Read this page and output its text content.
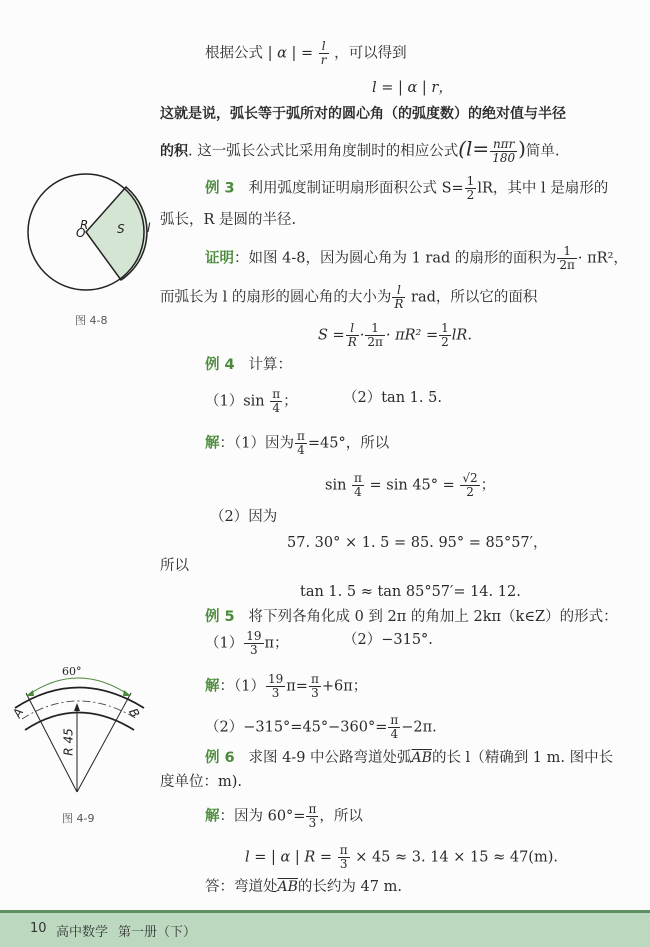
根据公式 | α | = $\frac{l}{r}$ ，可以得到
l = | α | r，
这就是说，弧长等于弧所对的圆心角（的弧度数）的绝对值与半径
的积. 这一弧长公式比采用角度制时的相应公式($l= \frac{\text{nπr}}{180}$ )简单.
R
O	S l
图 4-8
例 3 利用弧度制证明扇形面积公式 $S= \frac{1}{2}$ lR，其中 l 是扇形的
弧长，R 是圆的半径.
证明：如图 4-8，因为圆心角为 1 rad 的扇形的面积为 $\frac{1}{2\pi} \cdot \pi R^2$，
而弧长为 l 的扇形的圆心角的大小为 $\frac{l}{R}$ rad，所以它的面积
$S = \frac{l}{R} \cdot \frac{1}{2\pi} \cdot \pi R^2 = \frac{1}{2}$ lR.
例 4 计算：
$(1)\sin \frac{\pi}{4}$ ；	（2）tan 1. 5.
解：（1）因为 $\frac{\pi}{4} =45^\circ$，所以
$\sin \frac{\pi}{4} = \sin 45^\circ = \frac{√2}{2}$ ；
（2）因为
57. 30° × 1. 5 = 85. 95° = 85°57′，
所以
tan 1. 5 ≈ tan 85°57′= 14. 12.
例 5 将下列各角化成 0 到 2π 的角加上 2kπ（k∈Z）的形式：
$(1) \frac{19}{3}$ π；	（2）−315°.
解：$(1) \frac{19}{3} \pi= \frac{\pi}{3} +6\pi$；
$(2)-315^\circ=45^\circ-360^\circ= \frac{\pi}{4} -2\pi$.
60°
A	B
R 45
图 4-9
例 6 求图 4-9 中公路弯道处弧$\overline{AB}$的长 l（精确到 1 m. 图中长
度单位：m).
解：因为 $60^\circ= \frac{\pi}{3}$ ，所以
l = | α | $R = \frac{\pi}{3} \times 45 \approx 3$. 14 × 15 ≈ 47(m).
答：弯道处$\overline{AB}$的长约为 47 m.
10 高中数学 第一册（下）
